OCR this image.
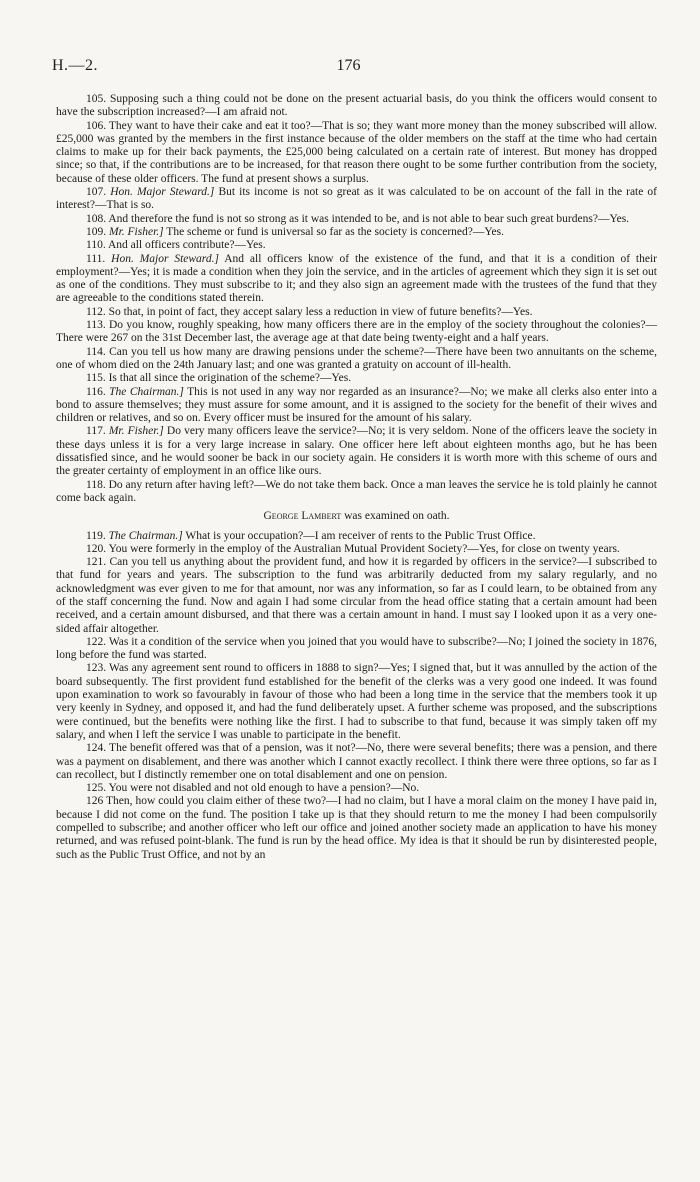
H.—2.	176

105. Supposing such a thing could not be done on the present actuarial basis, do you think the officers would consent to have the subscription increased?—I am afraid not.

106. They want to have their cake and eat it too?—That is so; they want more money than the money subscribed will allow. £25,000 was granted by the members in the first instance because of the older members on the staff at the time who had certain claims to make up for their back payments, the £25,000 being calculated on a certain rate of interest. But money has dropped since; so that, if the contributions are to be increased, for that reason there ought to be some further contribution from the society, because of these older officers. The fund at present shows a surplus.

107. Hon. Major Steward.] But its income is not so great as it was calculated to be on account of the fall in the rate of interest?—That is so.

108. And therefore the fund is not so strong as it was intended to be, and is not able to bear such great burdens?—Yes.

109. Mr. Fisher.] The scheme or fund is universal so far as the society is concerned?—Yes.

110. And all officers contribute?—Yes.

111. Hon. Major Steward.] And all officers know of the existence of the fund, and that it is a condition of their employment?—Yes; it is made a condition when they join the service, and in the articles of agreement which they sign it is set out as one of the conditions. They must subscribe to it; and they also sign an agreement made with the trustees of the fund that they are agreeable to the conditions stated therein.

112. So that, in point of fact, they accept salary less a reduction in view of future benefits?—Yes.

113. Do you know, roughly speaking, how many officers there are in the employ of the society throughout the colonies?—There were 267 on the 31st December last, the average age at that date being twenty-eight and a half years.

114. Can you tell us how many are drawing pensions under the scheme?—There have been two annuitants on the scheme, one of whom died on the 24th January last; and one was granted a gratuity on account of ill-health.

115. Is that all since the origination of the scheme?—Yes.

116. The Chairman.] This is not used in any way nor regarded as an insurance?—No; we make all clerks also enter into a bond to assure themselves; they must assure for some amount, and it is assigned to the society for the benefit of their wives and children or relatives, and so on. Every officer must be insured for the amount of his salary.

117. Mr. Fisher.] Do very many officers leave the service?—No; it is very seldom. None of the officers leave the society in these days unless it is for a very large increase in salary. One officer here left about eighteen months ago, but he has been dissatisfied since, and he would sooner be back in our society again. He considers it is worth more with this scheme of ours and the greater certainty of employment in an office like ours.

118. Do any return after having left?—We do not take them back. Once a man leaves the service he is told plainly he cannot come back again.

George Lambert was examined on oath.

119. The Chairman.] What is your occupation?—I am receiver of rents to the Public Trust Office.

120. You were formerly in the employ of the Australian Mutual Provident Society?—Yes, for close on twenty years.

121. Can you tell us anything about the provident fund, and how it is regarded by officers in the service?—I subscribed to that fund for years and years. The subscription to the fund was arbitrarily deducted from my salary regularly, and no acknowledgment was ever given to me for that amount, nor was any information, so far as I could learn, to be obtained from any of the staff concerning the fund. Now and again I had some circular from the head office stating that a certain amount had been received, and a certain amount disbursed, and that there was a certain amount in hand. I must say I looked upon it as a very one-sided affair altogether.

122. Was it a condition of the service when you joined that you would have to subscribe?—No; I joined the society in 1876, long before the fund was started.

123. Was any agreement sent round to officers in 1888 to sign?—Yes; I signed that, but it was annulled by the action of the board subsequently. The first provident fund established for the benefit of the clerks was a very good one indeed. It was found upon examination to work so favourably in favour of those who had been a long time in the service that the members took it up very keenly in Sydney, and opposed it, and had the fund deliberately upset. A further scheme was proposed, and the subscriptions were continued, but the benefits were nothing like the first. I had to subscribe to that fund, because it was simply taken off my salary, and when I left the service I was unable to participate in the benefit.

124. The benefit offered was that of a pension, was it not?—No, there were several benefits; there was a pension, and there was a payment on disablement, and there was another which I cannot exactly recollect. I think there were three options, so far as I can recollect, but I distinctly remember one on total disablement and one on pension.

125. You were not disabled and not old enough to have a pension?—No.

126 Then, how could you claim either of these two?—I had no claim, but I have a moral claim on the money I have paid in, because I did not come on the fund. The position I take up is that they should return to me the money I had been compulsorily compelled to subscribe; and another officer who left our office and joined another society made an application to have his money returned, and was refused point-blank. The fund is run by the head office. My idea is that it should be run by disinterested people, such as the Public Trust Office, and not by an
